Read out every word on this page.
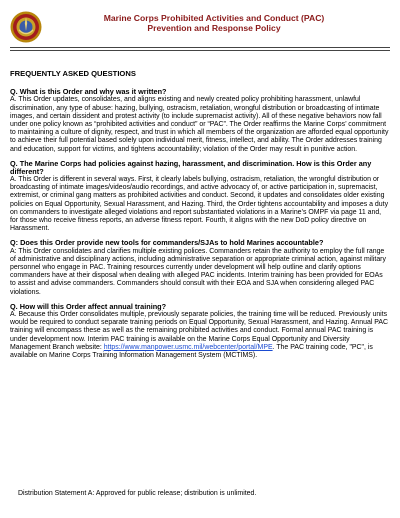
Marine Corps Prohibited Activities and Conduct (PAC)
Prevention and Response Policy
FREQUENTLY ASKED QUESTIONS

Q. What is this Order and why was it written?

A. This Order updates, consolidates, and aligns existing and newly created policy prohibiting harassment, unlawful discrimination, any type of abuse: hazing, bullying, ostracism, retaliation, wrongful distribution or broadcasting of intimate images, and certain dissident and protest activity (to include supremacist activity). All of these negative behaviors now fall under one policy known as “prohibited activities and conduct” or “PAC”. The Order reaffirms the Marine Corps’ commitment to maintaining a culture of dignity, respect, and trust in which all members of the organization are afforded equal opportunity to achieve their full potential based solely upon individual merit, fitness, intellect, and ability. The Order addresses training and education, support for victims, and tightens accountability; violation of the Order may result in punitive action.

Q. The Marine Corps had policies against hazing, harassment, and discrimination. How is this Order any different?

A. This Order is different in several ways. First, it clearly labels bullying, ostracism, retaliation, the wrongful distribution or broadcasting of intimate images/videos/audio recordings, and active advocacy of, or active participation in, supremacist, extremist, or criminal gang matters as prohibited activities and conduct. Second, it updates and consolidates older existing policies on Equal Opportunity, Sexual Harassment, and Hazing. Third, the Order tightens accountability and imposes a duty on commanders to investigate alleged violations and report substantiated violations in a Marine’s OMPF via page 11 and, for those who receive fitness reports, an adverse fitness report. Fourth, it aligns with the new DoD policy directive on Harassment.

Q: Does this Order provide new tools for commanders/SJAs to hold Marines accountable?

A: This Order consolidates and clarifies multiple existing polices. Commanders retain the authority to employ the full range of administrative and disciplinary actions, including administrative separation or appropriate criminal action, against military personnel who engage in PAC. Training resources currently under development will help outline and clarify options commanders have at their disposal when dealing with alleged PAC incidents. Interim training has been provided for EOAs to assist and advise commanders. Commanders should consult with their EOA and SJA when considering alleged PAC violations.

Q. How will this Order affect annual training?

A. Because this Order consolidates multiple, previously separate policies, the training time will be reduced. Previously units would be required to conduct separate training periods on Equal Opportunity, Sexual Harassment, and Hazing. Annual PAC training will encompass these as well as the remaining prohibited activities and conduct. Formal annual PAC training is under development now. Interim PAC training is available on the Marine Corps Equal Opportunity and Diversity Management Branch website: https://www.manpower.usmc.mil/webcenter/portal/MPE. The PAC training code, "PC", is available on Marine Corps Training Information Management System (MCTIMS).

Distribution Statement A: Approved for public release; distribution is unlimited.
